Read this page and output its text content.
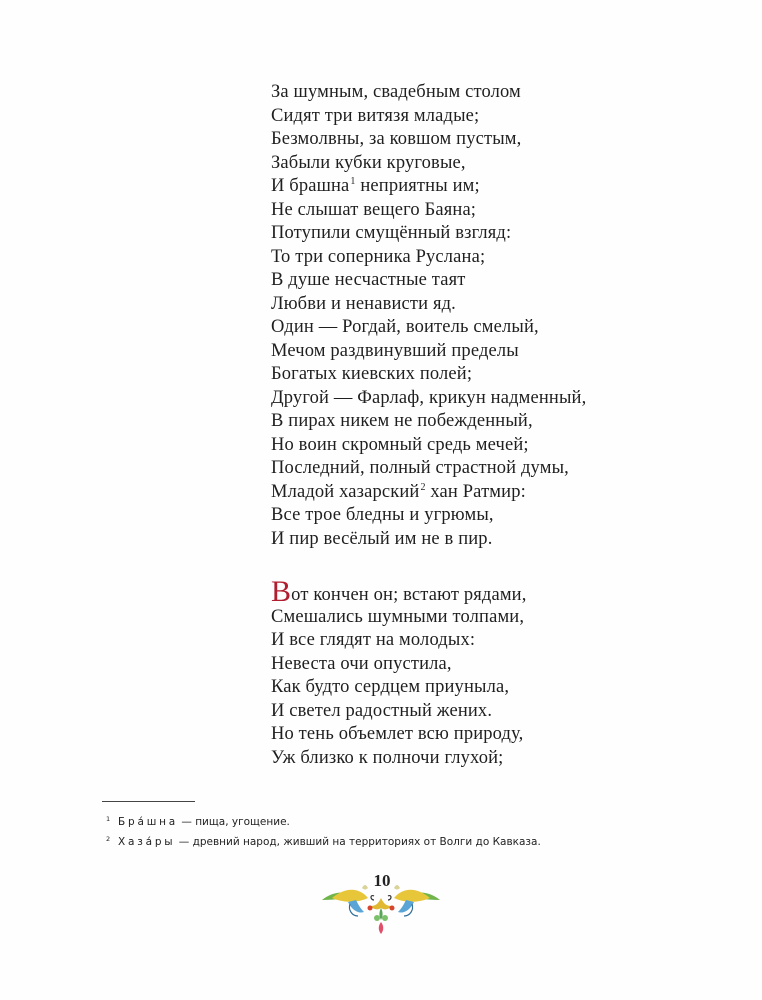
За шумным, свадебным столом
Сидят три витязя младые;
Безмолвны, за ковшом пустым,
Забыли кубки круговые,
И брашна$^1$ неприятны им;
Не слышат вещего Баяна;
Потупили смущённый взгляд:
То три соперника Руслана;
В душе несчастные таят
Любви и ненависти яд.
Один — Рогдай, воитель смелый,
Мечом раздвинувший пределы
Богатых киевских полей;
Другой — Фарлаф, крикун надменный,
В пирах никем не побежденный,
Но воин скромный средь мечей;
Последний, полный страстной думы,
Младой хазарский$^2$ хан Ратмир:
Все трое бледны и угрюмы,
И пир весёлый им не в пир.
Вот кончен он; встают рядами,
Смешались шумными толпами,
И все глядят на молодых:
Невеста очи опустила,
Как будто сердцем приуныла,
И светел радостный жених.
Но тень объемлет всю природу,
Уж близко к полночи глухой;
1 Бра́шна — пища, угощение.
2 Хаза́ры — древний народ, живший на территориях от Волги до Кавказа.
10
